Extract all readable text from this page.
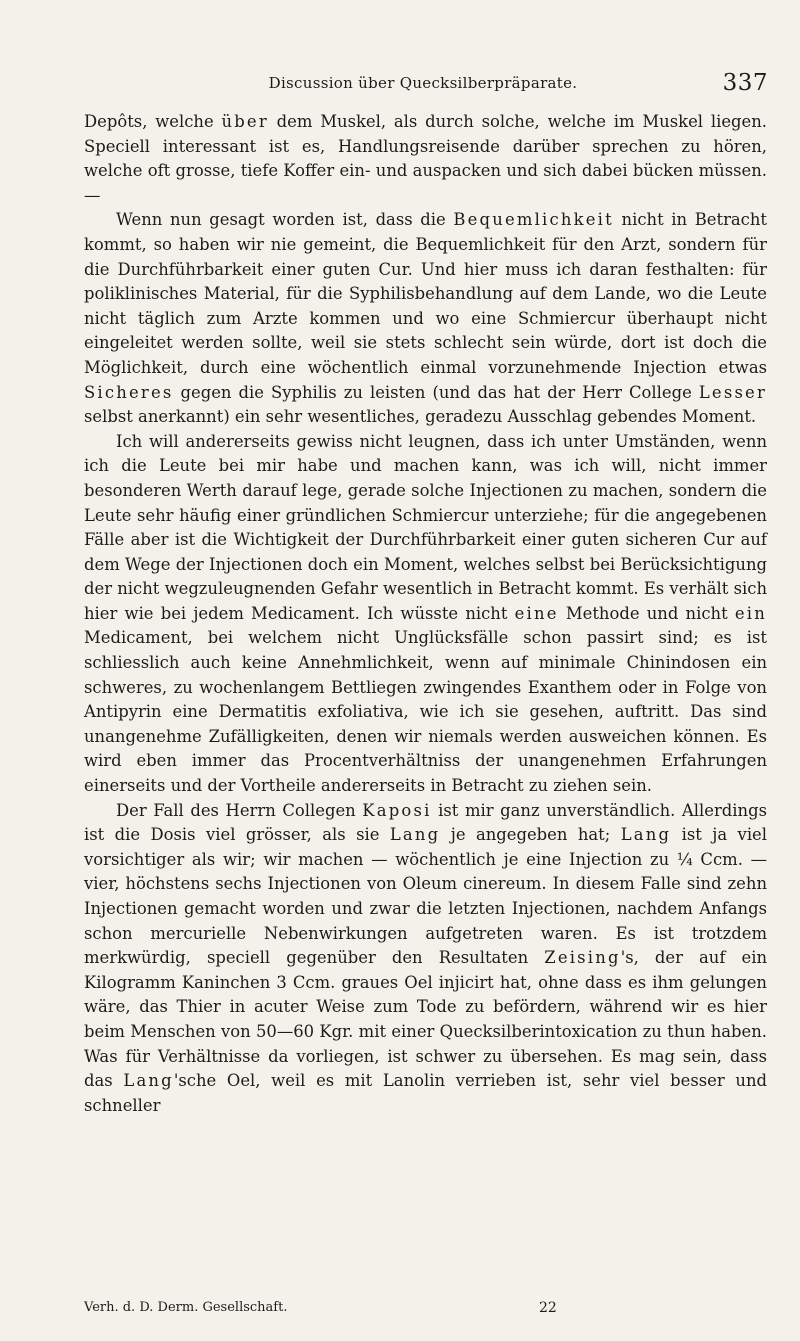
Discussion über Quecksilberpräparate.	337

Depôts, welche über dem Muskel, als durch solche, welche im Muskel liegen. Speciell interessant ist es, Handlungsreisende darüber sprechen zu hören, welche oft grosse, tiefe Koffer ein- und auspacken und sich dabei bücken müssen. —

Wenn nun gesagt worden ist, dass die Bequemlichkeit nicht in Betracht kommt, so haben wir nie gemeint, die Bequemlichkeit für den Arzt, sondern für die Durchführbarkeit einer guten Cur. Und hier muss ich daran festhalten: für poliklinisches Material, für die Syphilisbehandlung auf dem Lande, wo die Leute nicht täglich zum Arzte kommen und wo eine Schmiercur überhaupt nicht eingeleitet werden sollte, weil sie stets schlecht sein würde, dort ist doch die Möglichkeit, durch eine wöchentlich einmal vorzunehmende Injection etwas Sicheres gegen die Syphilis zu leisten (und das hat der Herr College Lesser selbst anerkannt) ein sehr wesentliches, geradezu Ausschlag gebendes Moment.

Ich will andererseits gewiss nicht leugnen, dass ich unter Umständen, wenn ich die Leute bei mir habe und machen kann, was ich will, nicht immer besonderen Werth darauf lege, gerade solche Injectionen zu machen, sondern die Leute sehr häufig einer gründlichen Schmiercur unterziehe; für die angegebenen Fälle aber ist die Wichtigkeit der Durchführbarkeit einer guten sicheren Cur auf dem Wege der Injectionen doch ein Moment, welches selbst bei Berücksichtigung der nicht wegzuleugnenden Gefahr wesentlich in Betracht kommt. Es verhält sich hier wie bei jedem Medicament. Ich wüsste nicht eine Methode und nicht ein Medicament, bei welchem nicht Unglücksfälle schon passirt sind; es ist schliesslich auch keine Annehmlichkeit, wenn auf minimale Chinindosen ein schweres, zu wochenlangem Bettliegen zwingendes Exanthem oder in Folge von Antipyrin eine Dermatitis exfoliativa, wie ich sie gesehen, auftritt. Das sind unangenehme Zufälligkeiten, denen wir niemals werden ausweichen können. Es wird eben immer das Procentverhältniss der unangenehmen Erfahrungen einerseits und der Vortheile andererseits in Betracht zu ziehen sein.

Der Fall des Herrn Collegen Kaposi ist mir ganz unverständlich. Allerdings ist die Dosis viel grösser, als sie Lang je angegeben hat; Lang ist ja viel vorsichtiger als wir; wir machen — wöchentlich je eine Injection zu ¼ Ccm. — vier, höchstens sechs Injectionen von Oleum cinereum. In diesem Falle sind zehn Injectionen gemacht worden und zwar die letzten Injectionen, nachdem Anfangs schon mercurielle Nebenwirkungen aufgetreten waren. Es ist trotzdem merkwürdig, speciell gegenüber den Resultaten Zeising's, der auf ein Kilogramm Kaninchen 3 Ccm. graues Oel injicirt hat, ohne dass es ihm gelungen wäre, das Thier in acuter Weise zum Tode zu befördern, während wir es hier beim Menschen von 50—60 Kgr. mit einer Quecksilberintoxication zu thun haben. Was für Verhältnisse da vorliegen, ist schwer zu übersehen. Es mag sein, dass das Lang'sche Oel, weil es mit Lanolin verrieben ist, sehr viel besser und schneller

Verh. d. D. Derm. Gesellschaft.	22
